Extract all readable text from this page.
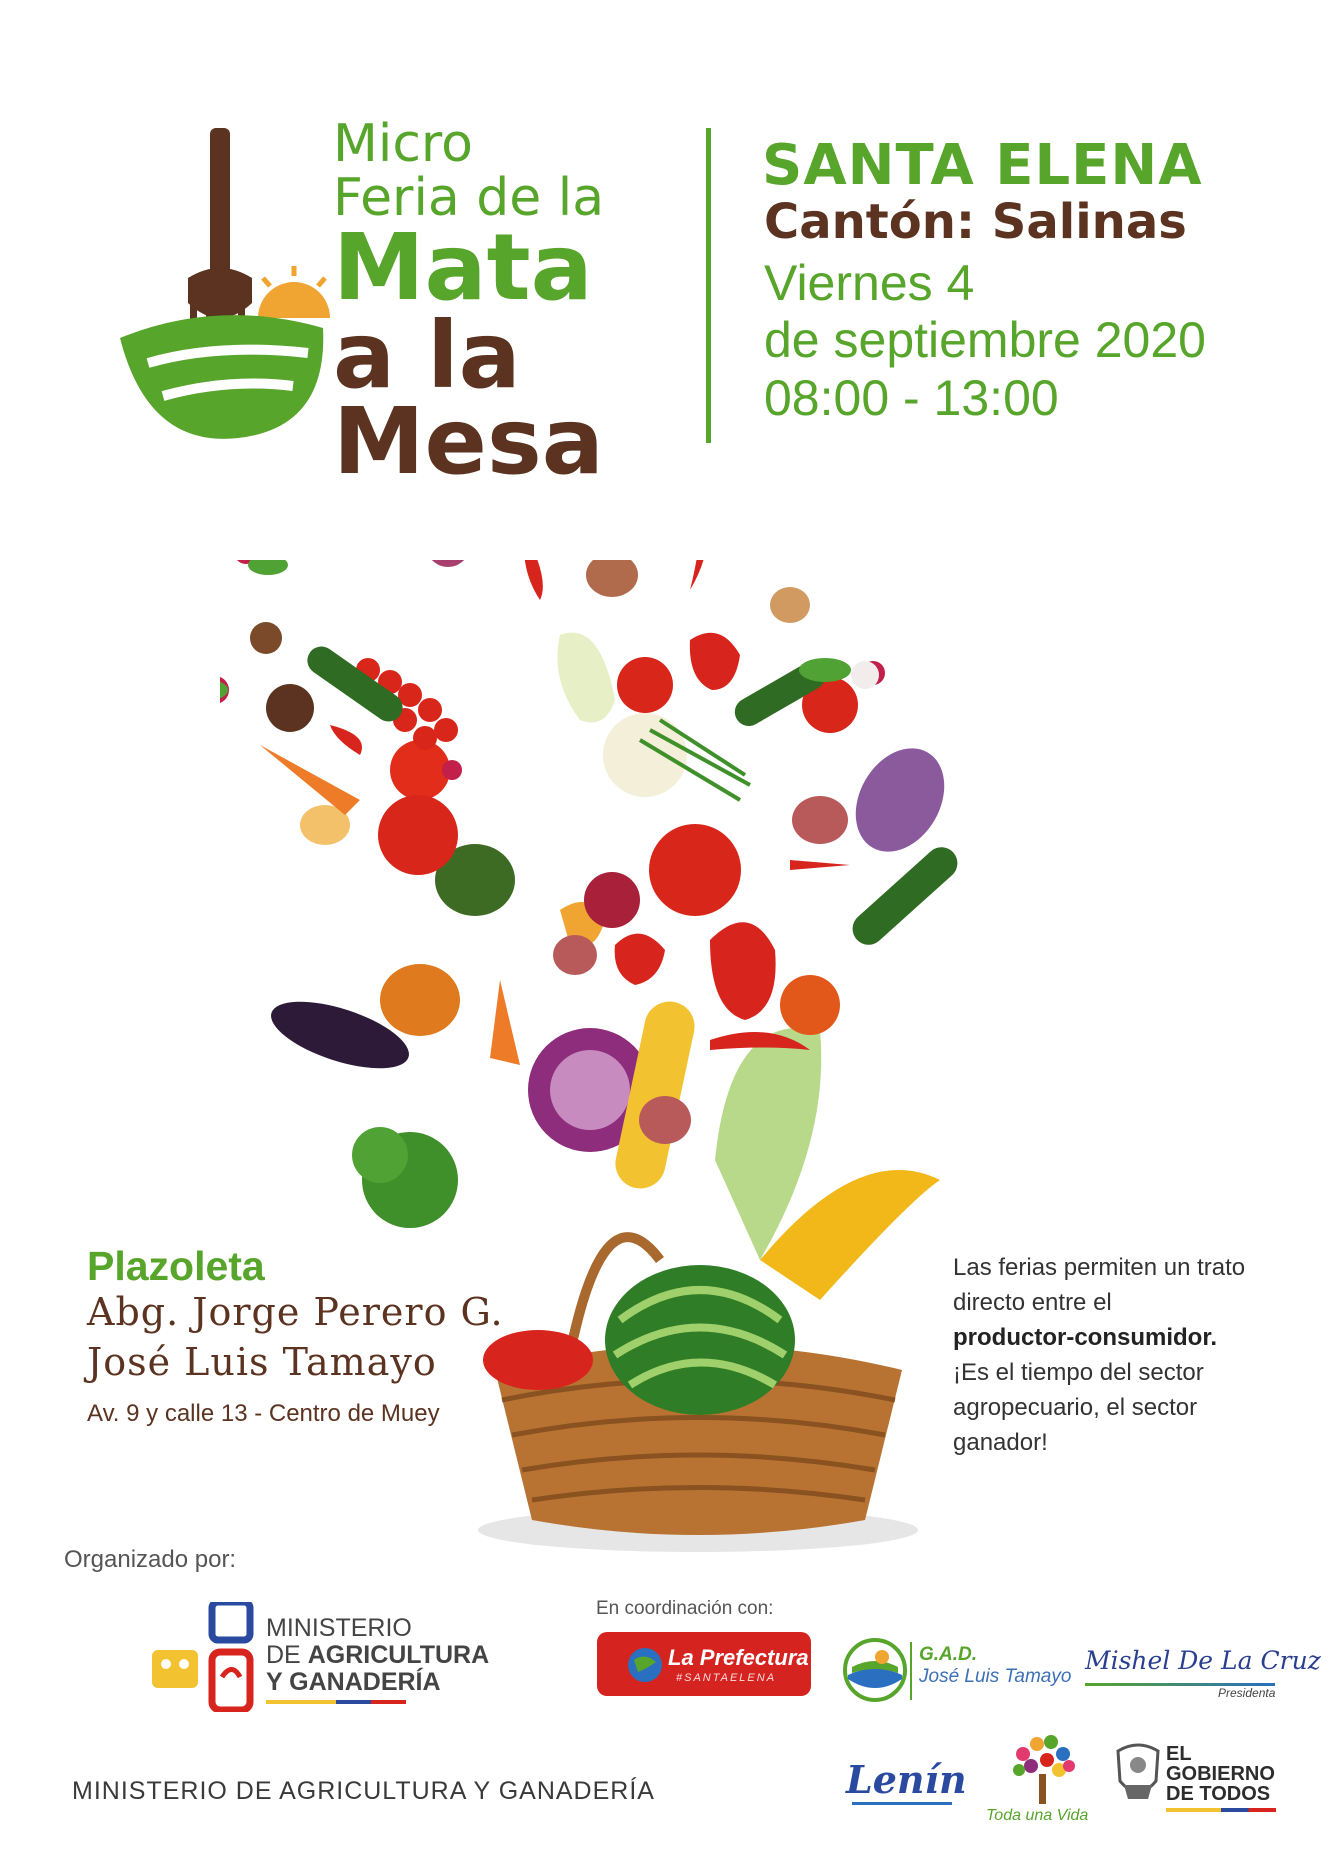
Micro
Feria de la
Mata
a la
Mesa
SANTA ELENA
Cantón: Salinas
Viernes 4
de septiembre 2020
08:00 - 13:00
Plazoleta
Abg. Jorge Perero G.
José Luis Tamayo
Av. 9 y calle 13 - Centro de Muey
Las ferias permiten un trato directo entre el
productor-consumidor.
¡Es el tiempo del sector agropecuario, el sector ganador!
Organizado por:
MINISTERIO
DE AGRICULTURA
Y GANADERÍA
En coordinación con:
La Prefectura
#SANTAELENA
G.A.D.
José Luis Tamayo
Mishel De La Cruz
Presidenta
MINISTERIO DE AGRICULTURA Y GANADERÍA	Lenín
Toda una Vida
EL
GOBIERNO
DE TODOS
